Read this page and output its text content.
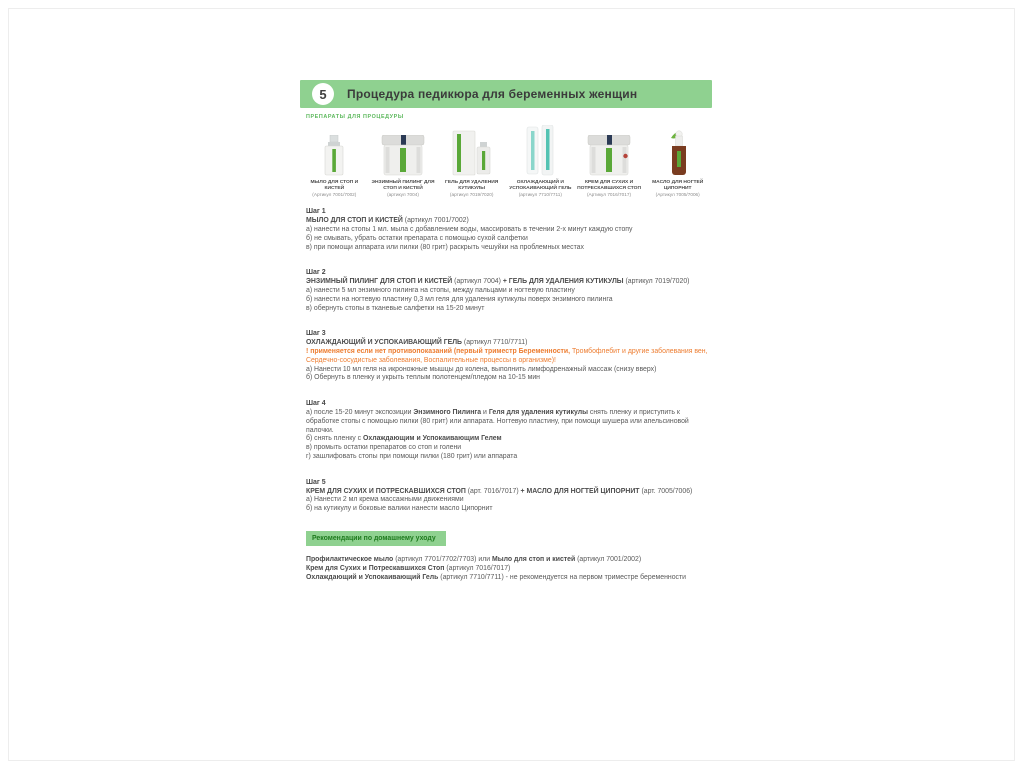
5 Процедура педикюра для беременных женщин
ПРЕПАРАТЫ ДЛЯ ПРОЦЕДУРЫ
МЫЛО ДЛЯ СТОП И КИСТЕЙ
(Артикул 7001/7002)
ЭНЗИМНЫЙ ПИЛИНГ ДЛЯ СТОП И КИСТЕЙ
(артикул 7004)
ГЕЛЬ ДЛЯ УДАЛЕНИЯ КУТИКУЛЫ
(артикул 7019/7020)
ОХЛАЖДАЮЩИЙ И УСПОКАИВАЮЩИЙ ГЕЛЬ
(артикул 7710/7711)
КРЕМ ДЛЯ СУХИХ И ПОТРЕСКАВШИХСЯ СТОП
(Артикул 7016/7017)
МАСЛО ДЛЯ НОГТЕЙ ЦИПОРНИТ
(Артикул 7005/7006)
Шаг 1
МЫЛО ДЛЯ СТОП И КИСТЕЙ (артикул 7001/7002)
а) нанести на стопы 1 мл. мыла с добавлением воды, массировать в течении 2-х минут каждую стопу
б) не смывать, убрать остатки препарата с помощью сухой салфетки
в) при помощи аппарата или пилки (80 грит) раскрыть чешуйки на проблемных местах
Шаг 2
ЭНЗИМНЫЙ ПИЛИНГ ДЛЯ СТОП И КИСТЕЙ (артикул 7004) + ГЕЛЬ ДЛЯ УДАЛЕНИЯ КУТИКУЛЫ (артикул 7019/7020)
а) нанести 5 мл энзимного пилинга на стопы, между пальцами и ногтевую пластину
б) нанести на ногтевую пластину 0,3 мл геля для удаления кутикулы поверх энзимного пилинга
в) обернуть стопы в тканевые салфетки на 15-20 минут
Шаг 3
ОХЛАЖДАЮЩИЙ И УСПОКАИВАЮЩИЙ ГЕЛЬ (артикул 7710/7711)
! применяется если нет противопоказаний (первый триместр Беременности, Тромбофлебит и другие заболевания вен, Сердечно-сосудистые заболевания, Воспалительные процессы в организме)!
а) Нанести 10 мл геля на икроножные мышцы до колена, выполнить лимфодренажный массаж (снизу вверх)
б) Обернуть в пленку и укрыть теплым полотенцем/пледом на 10-15 мин
Шаг 4
а) после 15-20 минут экспозиции Энзимного Пилинга и Геля для удаления кутикулы снять пленку и приступить к обработке стопы с помощью пилки (80 грит) или аппарата. Ногтевую пластину, при помощи шушера или апельсиновой палочки.
б) снять пленку с Охлаждающим и Успокаивающим Гелем
в) промыть остатки препаратов со стоп и голени
г) зашлифовать стопы при помощи пилки (180 грит) или аппарата
Шаг 5
КРЕМ ДЛЯ СУХИХ И ПОТРЕСКАВШИХСЯ СТОП (арт. 7016/7017) + МАСЛО ДЛЯ НОГТЕЙ ЦИПОРНИТ (арт. 7005/7006)
а) Нанести 2 мл крема массажными движениями
б) на кутикулу и боковые валики нанести масло Ципорнит
Рекомендации по домашнему уходу
Профилактическое мыло (артикул 7701/7702/7703) или Мыло для стоп и кистей (артикул 7001/2002)
Крем для Сухих и Потрескавшихся Стоп (артикул 7016/7017)
Охлаждающий и Успокаивающий Гель (артикул 7710/7711) - не рекомендуется на первом триместре беременности
